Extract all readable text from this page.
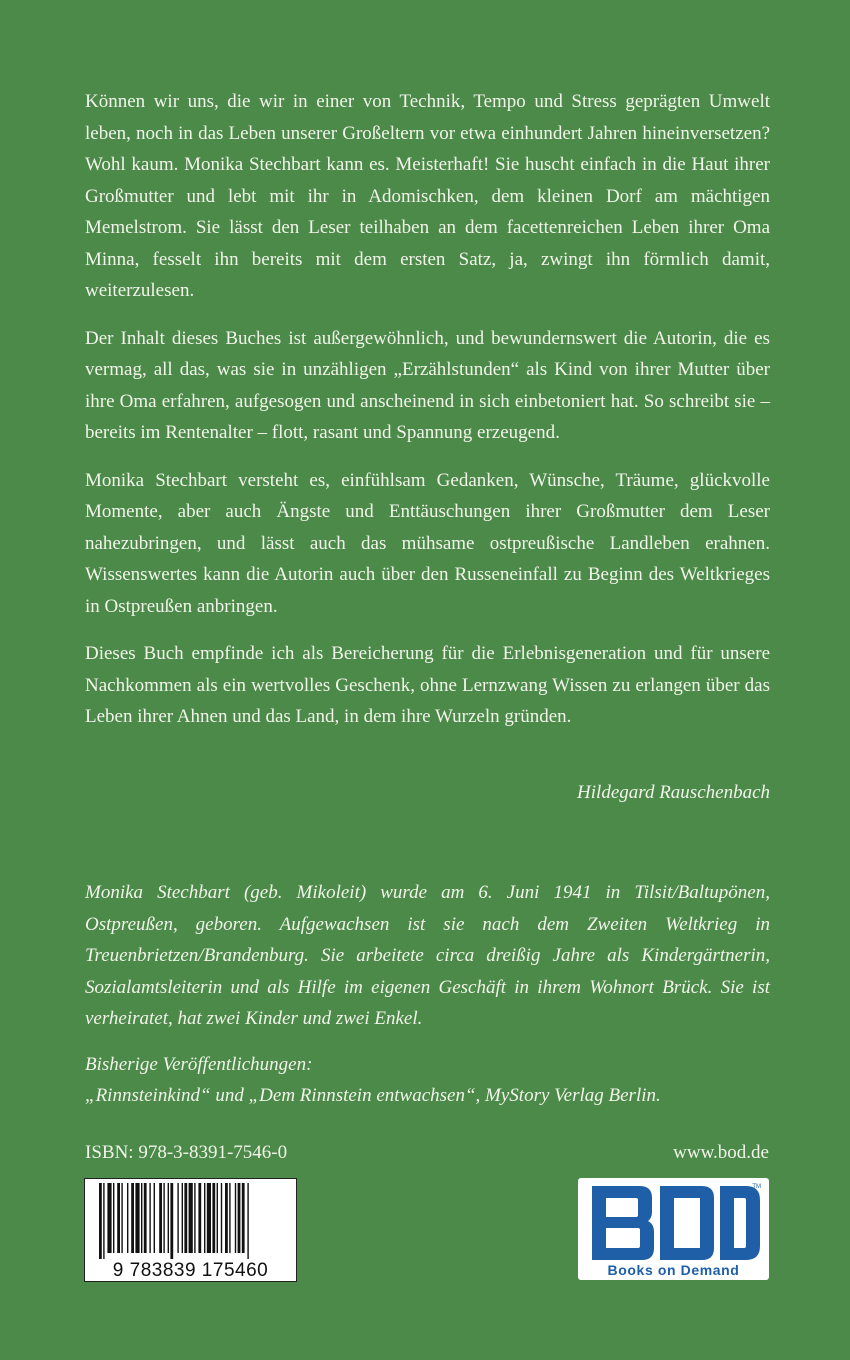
Können wir uns, die wir in einer von Technik, Tempo und Stress geprägten Umwelt leben, noch in das Leben unserer Großeltern vor etwa einhundert Jahren hineinversetzen? Wohl kaum. Monika Stechbart kann es. Meisterhaft! Sie huscht einfach in die Haut ihrer Großmutter und lebt mit ihr in Adomischken, dem kleinen Dorf am mächtigen Memelstrom. Sie lässt den Leser teilhaben an dem facettenreichen Leben ihrer Oma Minna, fesselt ihn bereits mit dem ersten Satz, ja, zwingt ihn förmlich damit, weiterzulesen.

Der Inhalt dieses Buches ist außergewöhnlich, und bewundernswert die Autorin, die es vermag, all das, was sie in unzähligen „Erzählstunden“ als Kind von ihrer Mutter über ihre Oma erfahren, aufgesogen und anscheinend in sich einbetoniert hat. So schreibt sie – bereits im Rentenalter – flott, rasant und Spannung erzeugend.

Monika Stechbart versteht es, einfühlsam Gedanken, Wünsche, Träume, glückvolle Momente, aber auch Ängste und Enttäuschungen ihrer Großmutter dem Leser nahezubringen, und lässt auch das mühsame ostpreußische Landleben erahnen. Wissenswertes kann die Autorin auch über den Russeneinfall zu Beginn des Weltkrieges in Ostpreußen anbringen.

Dieses Buch empfinde ich als Bereicherung für die Erlebnisgeneration und für unsere Nachkommen als ein wertvolles Geschenk, ohne Lernzwang Wissen zu erlangen über das Leben ihrer Ahnen und das Land, in dem ihre Wurzeln gründen.

Hildegard Rauschenbach

Monika Stechbart (geb. Mikoleit) wurde am 6. Juni 1941 in Tilsit/Baltupönen, Ostpreußen, geboren. Aufgewachsen ist sie nach dem Zweiten Weltkrieg in Treuenbrietzen/Brandenburg. Sie arbeitete circa dreißig Jahre als Kindergärtnerin, Sozialamtsleiterin und als Hilfe im eigenen Geschäft in ihrem Wohnort Brück. Sie ist verheiratet, hat zwei Kinder und zwei Enkel.

Bisherige Veröffentlichungen:
„Rinnsteinkind“ und „Dem Rinnstein entwachsen“, MyStory Verlag Berlin.
ISBN: 978-3-8391-7546-0	www.bod.de
9 783839 175460
TM
Books on Demand
